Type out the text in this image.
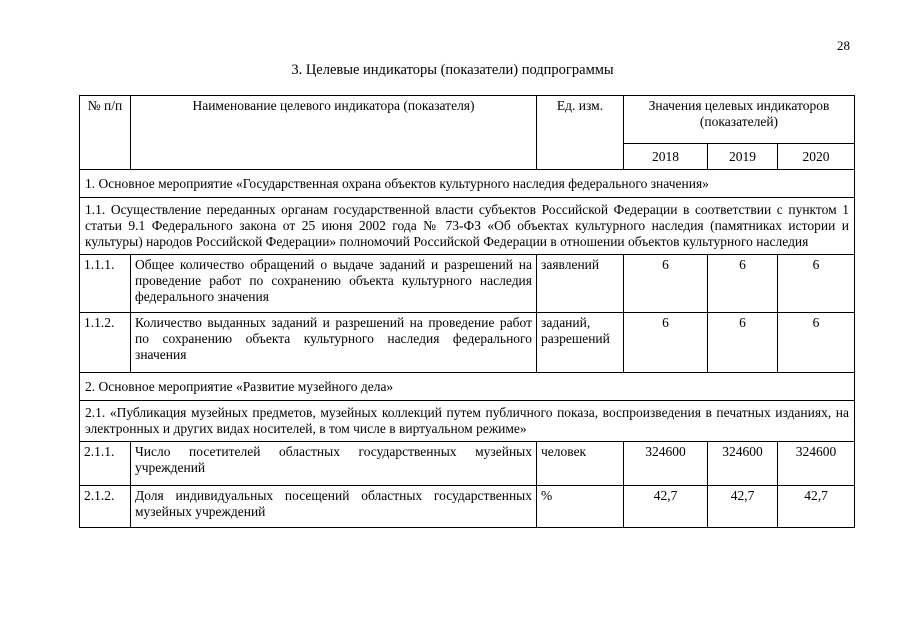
28
3. Целевые индикаторы (показатели) подпрограммы
№ п/п	Наименование целевого индикатора (показателя)	Ед. изм.	Значения целевых индикаторов (показателей)		
			2018	2019	2020
1. Основное мероприятие «Государственная охрана объектов культурного наследия федерального значения»					
1.1. Осуществление переданных органам государственной власти субъектов Российской Федерации в соответствии с пунктом 1 статьи 9.1 Федерального закона от 25 июня 2002 года № 73-ФЗ «Об объектах культурного наследия (памятниках истории и культуры) народов Российской Федерации» полномочий Российской Федерации в отношении объектов культурного наследия					
1.1.1.	Общее количество обращений о выдаче заданий и разрешений на проведение работ по сохранению объекта культурного наследия федерального значения	заявлений	6	6	6
1.1.2.	Количество выданных заданий и разрешений на проведение работ по сохранению объекта культурного наследия федерального значения	заданий, разрешений	6	6	6
2. Основное мероприятие «Развитие музейного дела»					
2.1. «Публикация музейных предметов, музейных коллекций путем публичного показа, воспроизведения в печатных изданиях, на электронных и других видах носителей, в том числе в виртуальном режиме»					
2.1.1.	Число посетителей областных государственных музейных учреждений	человек	324600	324600	324600
2.1.2.	Доля индивидуальных посещений областных государственных музейных учреждений	%	42,7	42,7	42,7
